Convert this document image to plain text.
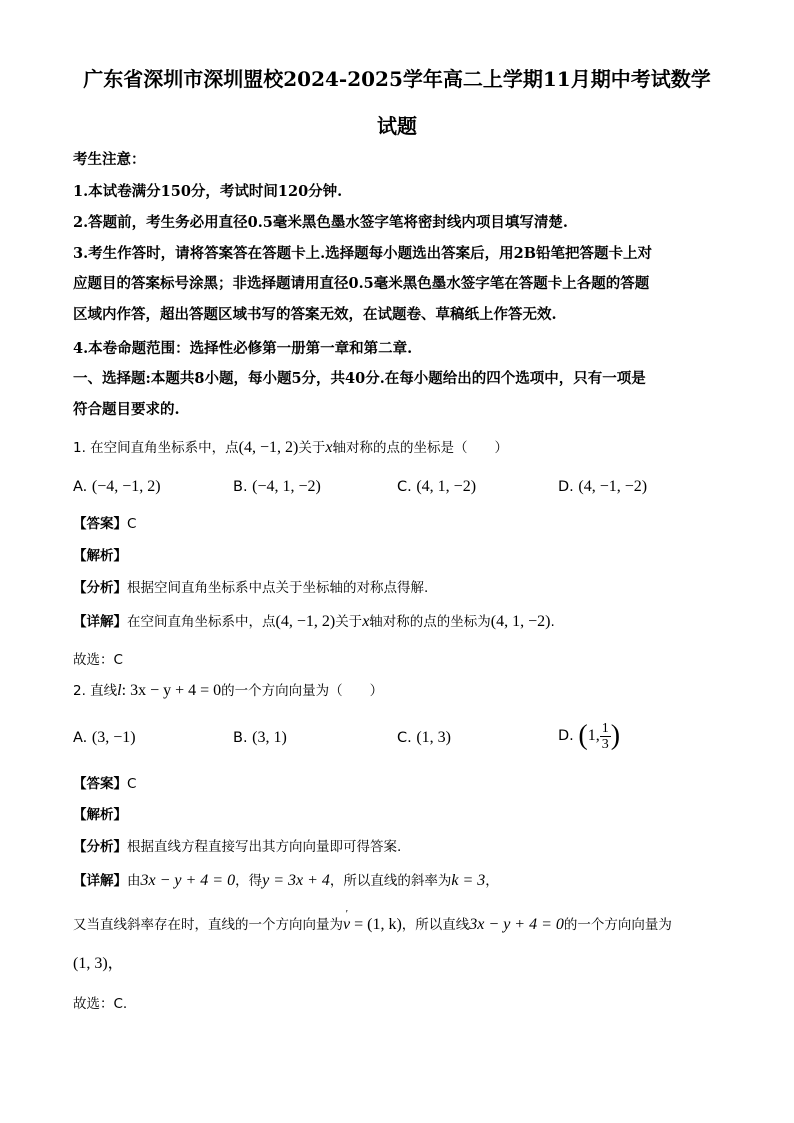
广东省深圳市深圳盟校2024-2025学年高二上学期11月期中考试数学
试题
考生注意：
1.本试卷满分150分，考试时间120分钟.
2.答题前，考生务必用直径0.5毫米黑色墨水签字笔将密封线内项目填写清楚.
3.考生作答时，请将答案答在答题卡上.选择题每小题选出答案后，用2B铅笔把答题卡上对
应题目的答案标号涂黑；非选择题请用直径0.5毫米黑色墨水签字笔在答题卡上各题的答题
区域内作答，超出答题区域书写的答案无效，在试题卷、草稿纸上作答无效.
4.本卷命题范围：选择性必修第一册第一章和第二章.
一、选择题:本题共8小题，每小题5分，共40分.在每小题给出的四个选项中，只有一项是
符合题目要求的.
1. 在空间直角坐标系中，点(4, −1, 2)关于x轴对称的点的坐标是（　　）
A. (−4, −1, 2)	B. (−4, 1, −2)	C. (4, 1, −2)	D. (4, −1, −2)
【答案】C
【解析】
【分析】根据空间直角坐标系中点关于坐标轴的对称点得解.
【详解】在空间直角坐标系中，点(4, −1, 2)关于x轴对称的点的坐标为(4, 1, −2).
故选：C
2. 直线l: 3x − y + 4 = 0的一个方向向量为（　　）
A. (3, −1)	B. (3, 1)	C. (1, 3)	D. (1, $\frac{1}{3}$ )
【答案】C
【解析】
【分析】根据直线方程直接写出其方向向量即可得答案.
【详解】由3x − y + 4 = 0，得y = 3x + 4，所以直线的斜率为k = 3，
又当直线斜率存在时，直线的一个方向向量为' v = (1, k)，所以直线3x − y + 4 = 0的一个方向向量为
(1, 3)，
故选：C.
